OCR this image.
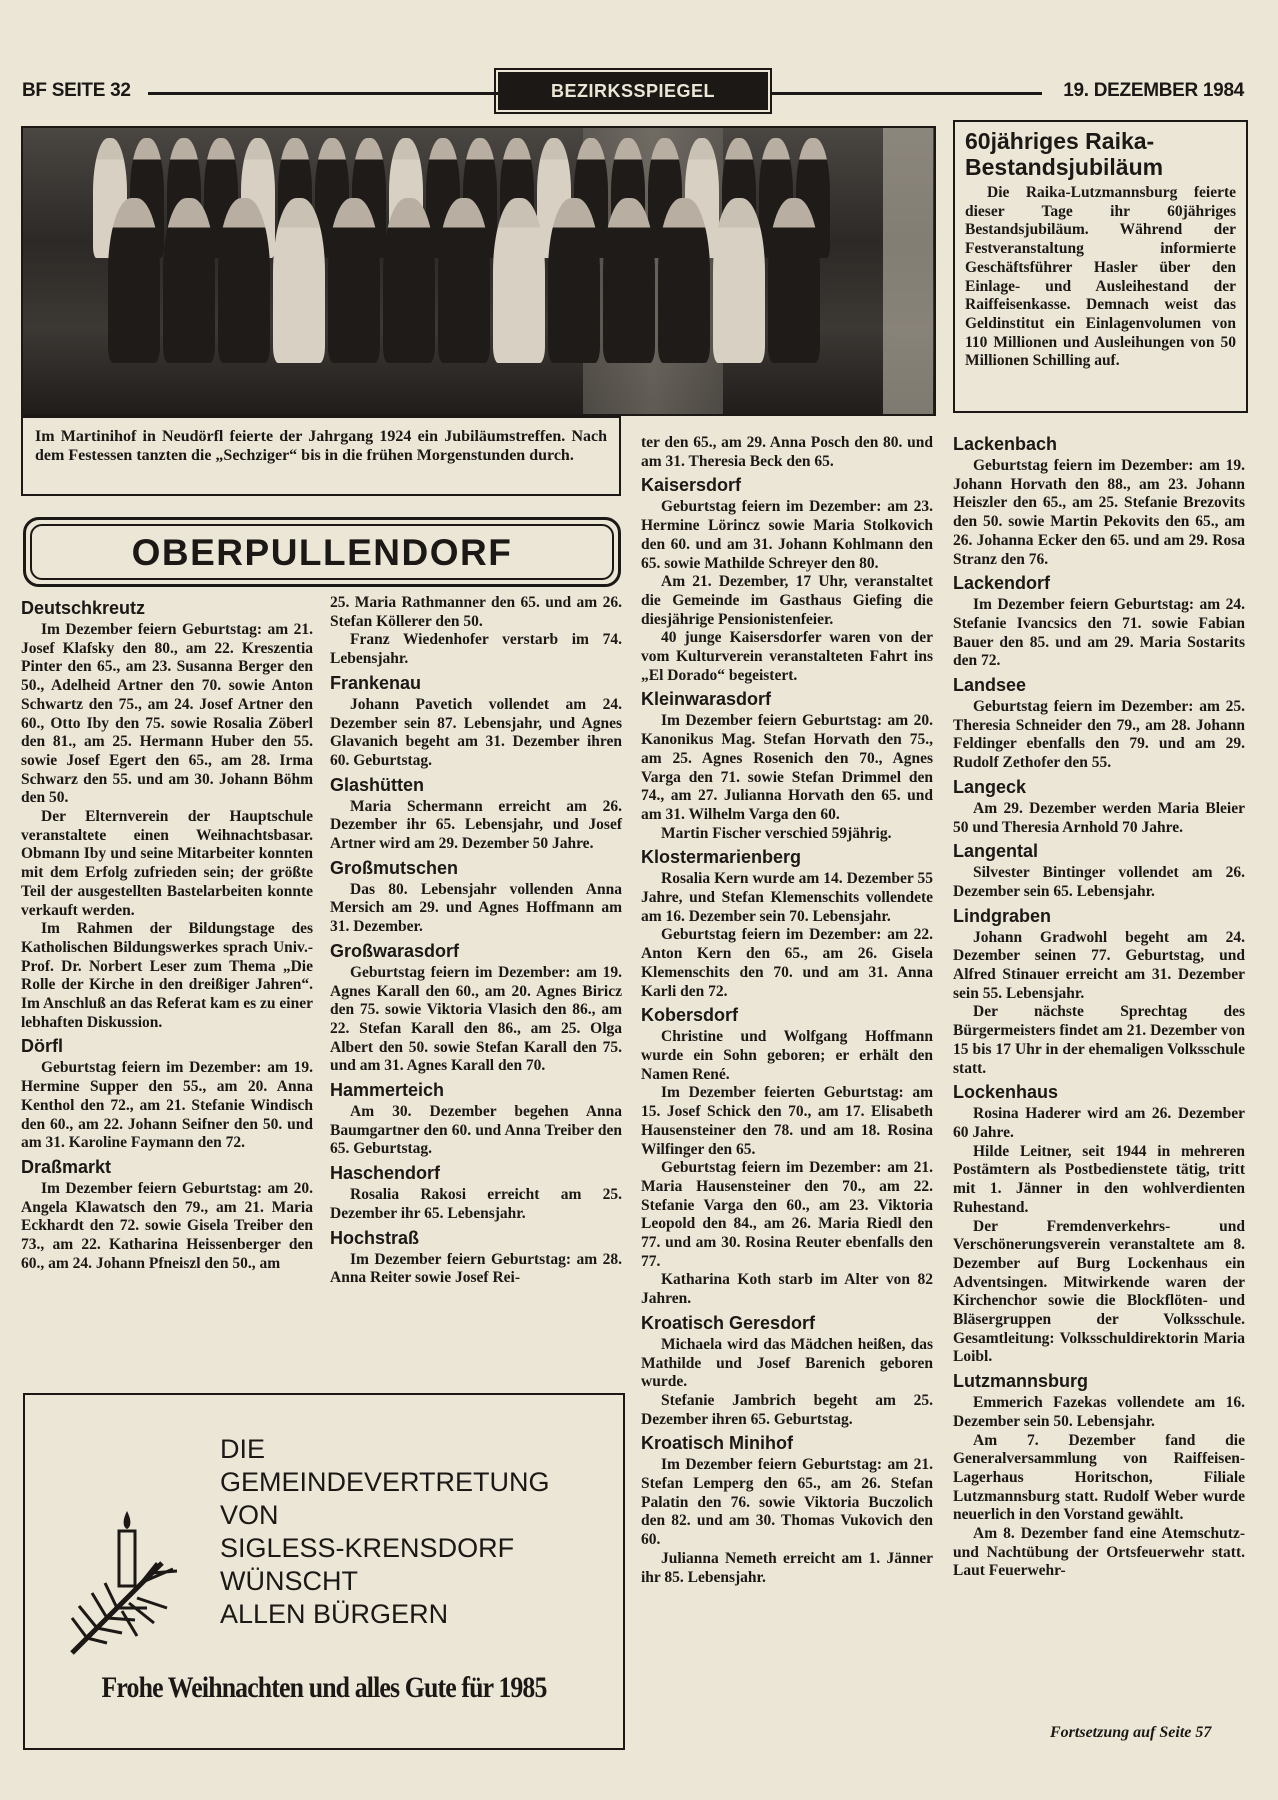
BF SEITE 32	BEZIRKSSPIEGEL	19. DEZEMBER 1984
Im Martinihof in Neudörfl feierte der Jahrgang 1924 ein Jubiläumstreffen. Nach dem Festessen tanzten die „Sechziger“ bis in die frühen Morgenstunden durch.
60jähriges Raika-Bestandsjubiläum

Die Raika-Lutzmannsburg feierte dieser Tage ihr 60jähriges Bestandsjubiläum. Während der Festveranstaltung informierte Geschäftsführer Hasler über den Einlage- und Ausleihestand der Raiffeisenkasse. Demnach weist das Geldinstitut ein Einlagenvolumen von 110 Millionen und Ausleihungen von 50 Millionen Schilling auf.

OBERPULLENDORF
Deutschkreutz

Im Dezember feiern Geburtstag: am 21. Josef Klafsky den 80., am 22. Kreszentia Pinter den 65., am 23. Susanna Berger den 50., Adelheid Artner den 70. sowie Anton Schwartz den 75., am 24. Josef Artner den 60., Otto Iby den 75. sowie Rosalia Zöberl den 81., am 25. Hermann Huber den 55. sowie Josef Egert den 65., am 28. Irma Schwarz den 55. und am 30. Johann Böhm den 50.

Der Elternverein der Hauptschule veranstaltete einen Weihnachtsbasar. Obmann Iby und seine Mitarbeiter konnten mit dem Erfolg zufrieden sein; der größte Teil der ausgestellten Bastelarbeiten konnte verkauft werden.

Im Rahmen der Bildungstage des Katholischen Bildungswerkes sprach Univ.-Prof. Dr. Norbert Leser zum Thema „Die Rolle der Kirche in den dreißiger Jahren“. Im Anschluß an das Referat kam es zu einer lebhaften Diskussion.

Dörfl

Geburtstag feiern im Dezember: am 19. Hermine Supper den 55., am 20. Anna Kenthol den 72., am 21. Stefanie Windisch den 60., am 22. Johann Seifner den 50. und am 31. Karoline Faymann den 72.

Draßmarkt

Im Dezember feiern Geburtstag: am 20. Angela Klawatsch den 79., am 21. Maria Eckhardt den 72. sowie Gisela Treiber den 73., am 22. Katharina Heissenberger den 60., am 24. Johann Pfneiszl den 50., am

25. Maria Rathmanner den 65. und am 26. Stefan Köllerer den 50.

Franz Wiedenhofer verstarb im 74. Lebensjahr.

Frankenau

Johann Pavetich vollendet am 24. Dezember sein 87. Lebensjahr, und Agnes Glavanich begeht am 31. Dezember ihren 60. Geburtstag.

Glashütten

Maria Schermann erreicht am 26. Dezember ihr 65. Lebensjahr, und Josef Artner wird am 29. Dezember 50 Jahre.

Großmutschen

Das 80. Lebensjahr vollenden Anna Mersich am 29. und Agnes Hoffmann am 31. Dezember.

Großwarasdorf

Geburtstag feiern im Dezember: am 19. Agnes Karall den 60., am 20. Agnes Biricz den 75. sowie Viktoria Vlasich den 86., am 22. Stefan Karall den 86., am 25. Olga Albert den 50. sowie Stefan Karall den 75. und am 31. Agnes Karall den 70.

Hammerteich

Am 30. Dezember begehen Anna Baumgartner den 60. und Anna Treiber den 65. Geburtstag.

Haschendorf

Rosalia Rakosi erreicht am 25. Dezember ihr 65. Lebensjahr.

Hochstraß

Im Dezember feiern Geburtstag: am 28. Anna Reiter sowie Josef Rei-

ter den 65., am 29. Anna Posch den 80. und am 31. Theresia Beck den 65.

Kaisersdorf

Geburtstag feiern im Dezember: am 23. Hermine Lörincz sowie Maria Stolkovich den 60. und am 31. Johann Kohlmann den 65. sowie Mathilde Schreyer den 80.

Am 21. Dezember, 17 Uhr, veranstaltet die Gemeinde im Gasthaus Giefing die diesjährige Pensionistenfeier.

40 junge Kaisersdorfer waren von der vom Kulturverein veranstalteten Fahrt ins „El Dorado“ begeistert.

Kleinwarasdorf

Im Dezember feiern Geburtstag: am 20. Kanonikus Mag. Stefan Horvath den 75., am 25. Agnes Rosenich den 70., Agnes Varga den 71. sowie Stefan Drimmel den 74., am 27. Julianna Horvath den 65. und am 31. Wilhelm Varga den 60.

Martin Fischer verschied 59jährig.

Klostermarienberg

Rosalia Kern wurde am 14. Dezember 55 Jahre, und Stefan Klemenschits vollendete am 16. Dezember sein 70. Lebensjahr.

Geburtstag feiern im Dezember: am 22. Anton Kern den 65., am 26. Gisela Klemenschits den 70. und am 31. Anna Karli den 72.

Kobersdorf

Christine und Wolfgang Hoffmann wurde ein Sohn geboren; er erhält den Namen René.

Im Dezember feierten Geburtstag: am 15. Josef Schick den 70., am 17. Elisabeth Hausensteiner den 78. und am 18. Rosina Wilfinger den 65.

Geburtstag feiern im Dezember: am 21. Maria Hausensteiner den 70., am 22. Stefanie Varga den 60., am 23. Viktoria Leopold den 84., am 26. Maria Riedl den 77. und am 30. Rosina Reuter ebenfalls den 77.

Katharina Koth starb im Alter von 82 Jahren.

Kroatisch Geresdorf

Michaela wird das Mädchen heißen, das Mathilde und Josef Barenich geboren wurde.

Stefanie Jambrich begeht am 25. Dezember ihren 65. Geburtstag.

Kroatisch Minihof

Im Dezember feiern Geburtstag: am 21. Stefan Lemperg den 65., am 26. Stefan Palatin den 76. sowie Viktoria Buczolich den 82. und am 30. Thomas Vukovich den 60.

Julianna Nemeth erreicht am 1. Jänner ihr 85. Lebensjahr.

Lackenbach

Geburtstag feiern im Dezember: am 19. Johann Horvath den 88., am 23. Johann Heiszler den 65., am 25. Stefanie Brezovits den 50. sowie Martin Pekovits den 65., am 26. Johanna Ecker den 65. und am 29. Rosa Stranz den 76.

Lackendorf

Im Dezember feiern Geburtstag: am 24. Stefanie Ivancsics den 71. sowie Fabian Bauer den 85. und am 29. Maria Sostarits den 72.

Landsee

Geburtstag feiern im Dezember: am 25. Theresia Schneider den 79., am 28. Johann Feldinger ebenfalls den 79. und am 29. Rudolf Zethofer den 55.

Langeck

Am 29. Dezember werden Maria Bleier 50 und Theresia Arnhold 70 Jahre.

Langental

Silvester Bintinger vollendet am 26. Dezember sein 65. Lebensjahr.

Lindgraben

Johann Gradwohl begeht am 24. Dezember seinen 77. Geburtstag, und Alfred Stinauer erreicht am 31. Dezember sein 55. Lebensjahr.

Der nächste Sprechtag des Bürgermeisters findet am 21. Dezember von 15 bis 17 Uhr in der ehemaligen Volksschule statt.

Lockenhaus

Rosina Haderer wird am 26. Dezember 60 Jahre.

Hilde Leitner, seit 1944 in mehreren Postämtern als Postbedienstete tätig, tritt mit 1. Jänner in den wohlverdienten Ruhestand.

Der Fremdenverkehrs- und Verschönerungsverein veranstaltete am 8. Dezember auf Burg Lockenhaus ein Adventsingen. Mitwirkende waren der Kirchenchor sowie die Blockflöten- und Bläsergruppen der Volksschule. Gesamtleitung: Volksschuldirektorin Maria Loibl.

Lutzmannsburg

Emmerich Fazekas vollendete am 16. Dezember sein 50. Lebensjahr.

Am 7. Dezember fand die Generalversammlung von Raiffeisen-Lagerhaus Horitschon, Filiale Lutzmannsburg statt. Rudolf Weber wurde neuerlich in den Vorstand gewählt.

Am 8. Dezember fand eine Atemschutz- und Nachtübung der Ortsfeuerwehr statt. Laut Feuerwehr-

Fortsetzung auf Seite 57
DIE
GEMEINDEVERTRETUNG
VON
SIGLESS-KRENSDORF
WÜNSCHT
ALLEN BÜRGERN
Frohe Weihnachten und alles Gute für 1985
